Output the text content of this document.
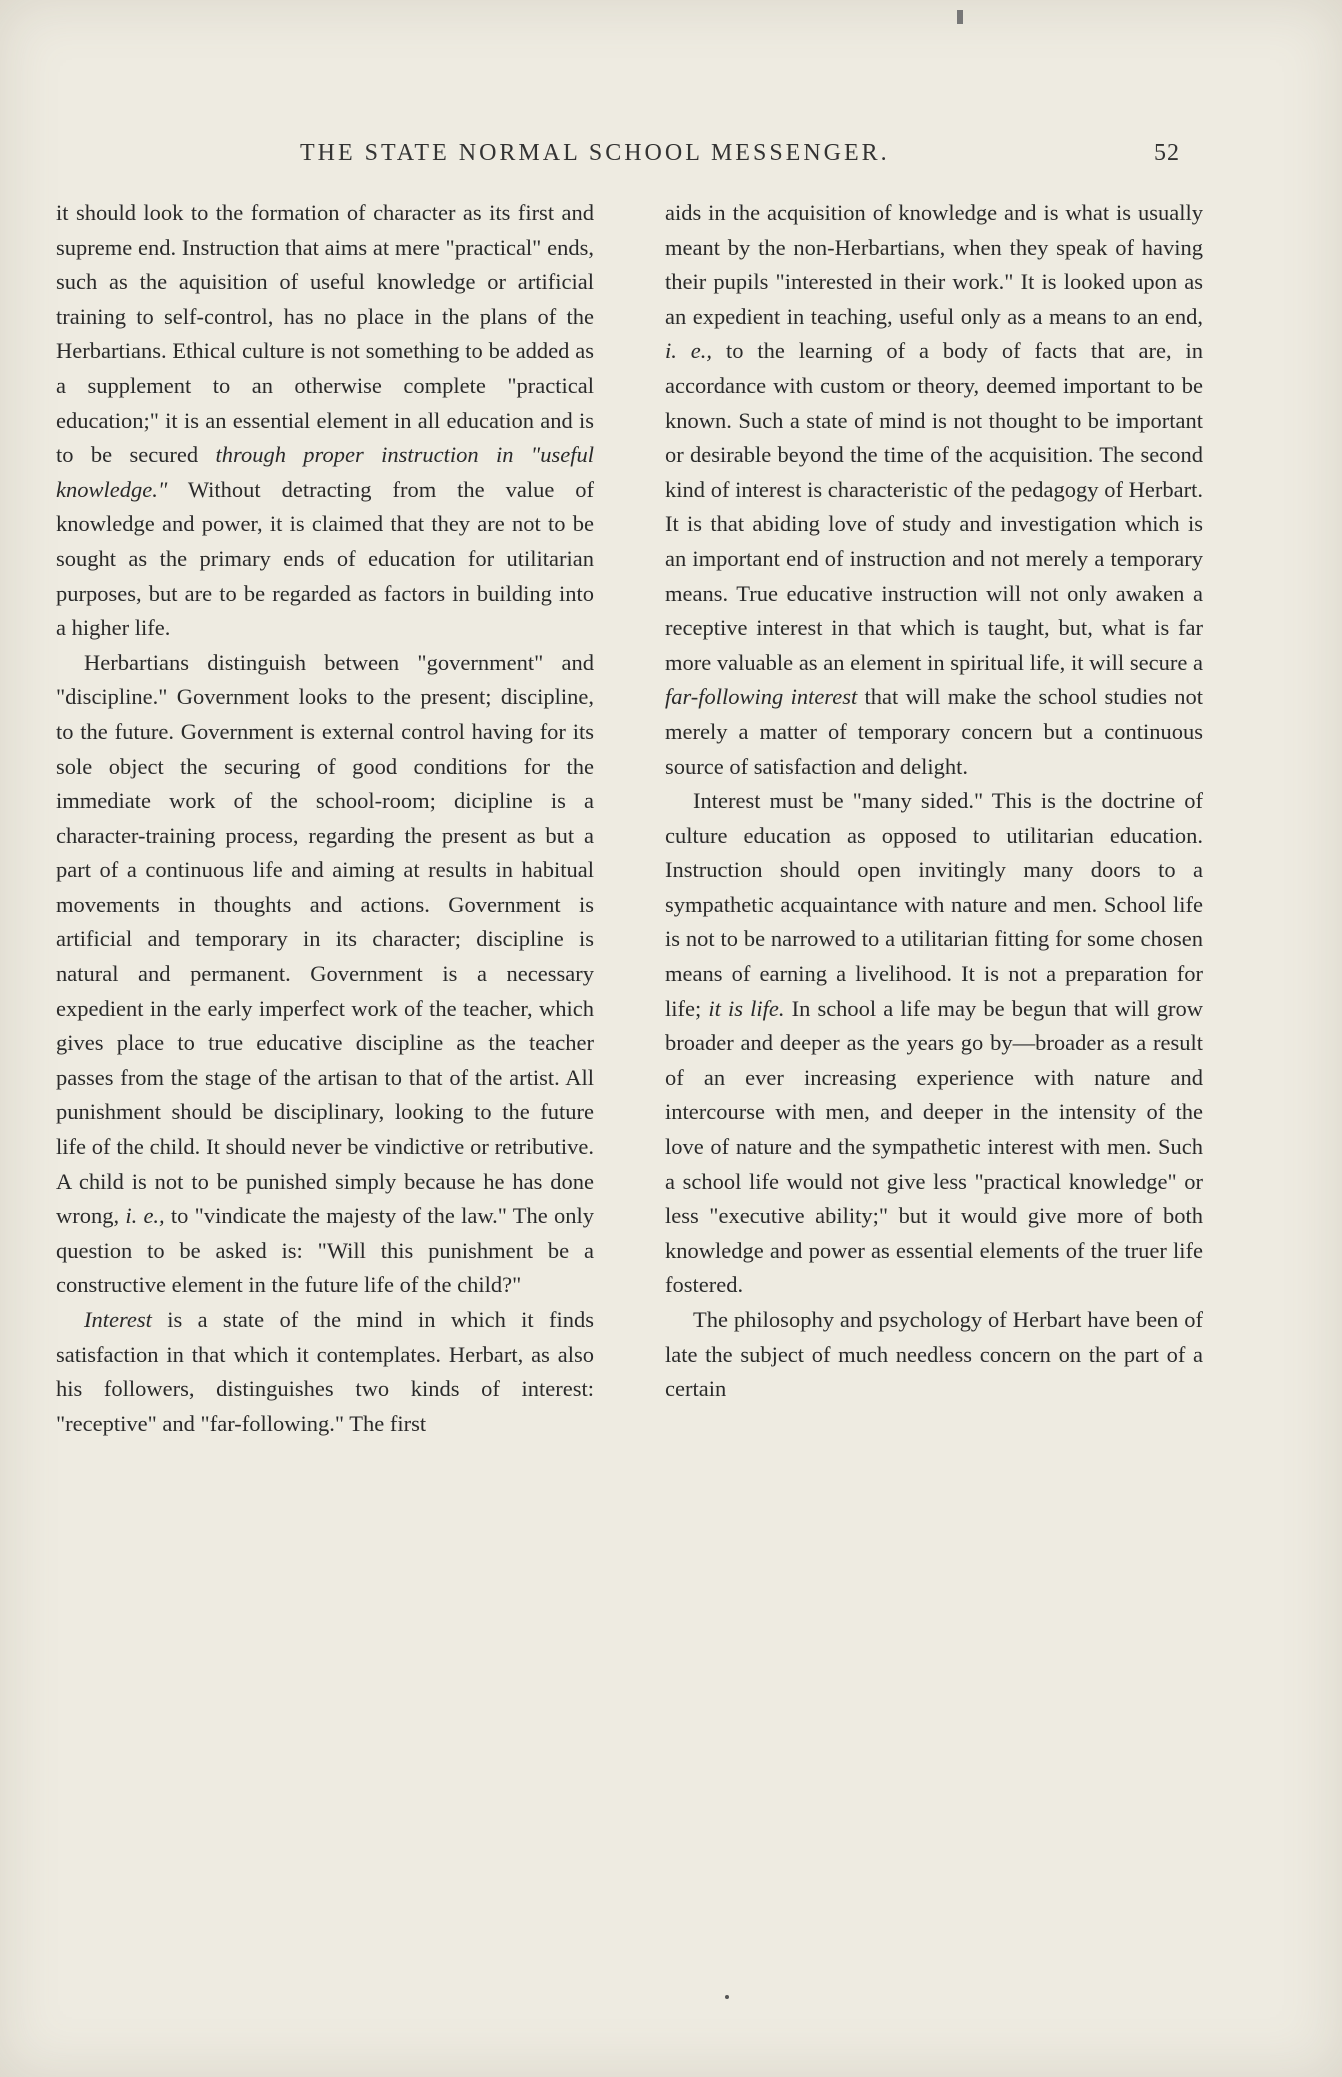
THE STATE NORMAL SCHOOL MESSENGER.	52

it should look to the formation of character as its first and supreme end. Instruction that aims at mere "practical" ends, such as the aquisition of useful knowledge or artificial training to self-control, has no place in the plans of the Herbartians. Ethical culture is not something to be added as a supplement to an otherwise complete "practical education;" it is an essential element in all education and is to be secured through proper instruction in "useful knowledge." Without detracting from the value of knowledge and power, it is claimed that they are not to be sought as the primary ends of education for utilitarian purposes, but are to be regarded as factors in building into a higher life.

Herbartians distinguish between "government" and "discipline." Government looks to the present; discipline, to the future. Government is external control having for its sole object the securing of good conditions for the immediate work of the school-room; dicipline is a character-training process, regarding the present as but a part of a continuous life and aiming at results in habitual movements in thoughts and actions. Government is artificial and temporary in its character; discipline is natural and permanent. Government is a necessary expedient in the early imperfect work of the teacher, which gives place to true educative discipline as the teacher passes from the stage of the artisan to that of the artist. All punishment should be disciplinary, looking to the future life of the child. It should never be vindictive or retributive. A child is not to be punished simply because he has done wrong, i. e., to "vindicate the majesty of the law." The only question to be asked is: "Will this punishment be a constructive element in the future life of the child?"

Interest is a state of the mind in which it finds satisfaction in that which it contemplates. Herbart, as also his followers, distinguishes two kinds of interest: "receptive" and "far-following." The first

aids in the acquisition of knowledge and is what is usually meant by the non-Herbartians, when they speak of having their pupils "interested in their work." It is looked upon as an expedient in teaching, useful only as a means to an end, i. e., to the learning of a body of facts that are, in accordance with custom or theory, deemed important to be known. Such a state of mind is not thought to be important or desirable beyond the time of the acquisition. The second kind of interest is characteristic of the pedagogy of Herbart. It is that abiding love of study and investigation which is an important end of instruction and not merely a temporary means. True educative instruction will not only awaken a receptive interest in that which is taught, but, what is far more valuable as an element in spiritual life, it will secure a far-following interest that will make the school studies not merely a matter of temporary concern but a continuous source of satisfaction and delight.

Interest must be "many sided." This is the doctrine of culture education as opposed to utilitarian education. Instruction should open invitingly many doors to a sympathetic acquaintance with nature and men. School life is not to be narrowed to a utilitarian fitting for some chosen means of earning a livelihood. It is not a preparation for life; it is life. In school a life may be begun that will grow broader and deeper as the years go by—broader as a result of an ever increasing experience with nature and intercourse with men, and deeper in the intensity of the love of nature and the sympathetic interest with men. Such a school life would not give less "practical knowledge" or less "executive ability;" but it would give more of both knowledge and power as essential elements of the truer life fostered.

The philosophy and psychology of Herbart have been of late the subject of much needless concern on the part of a certain
